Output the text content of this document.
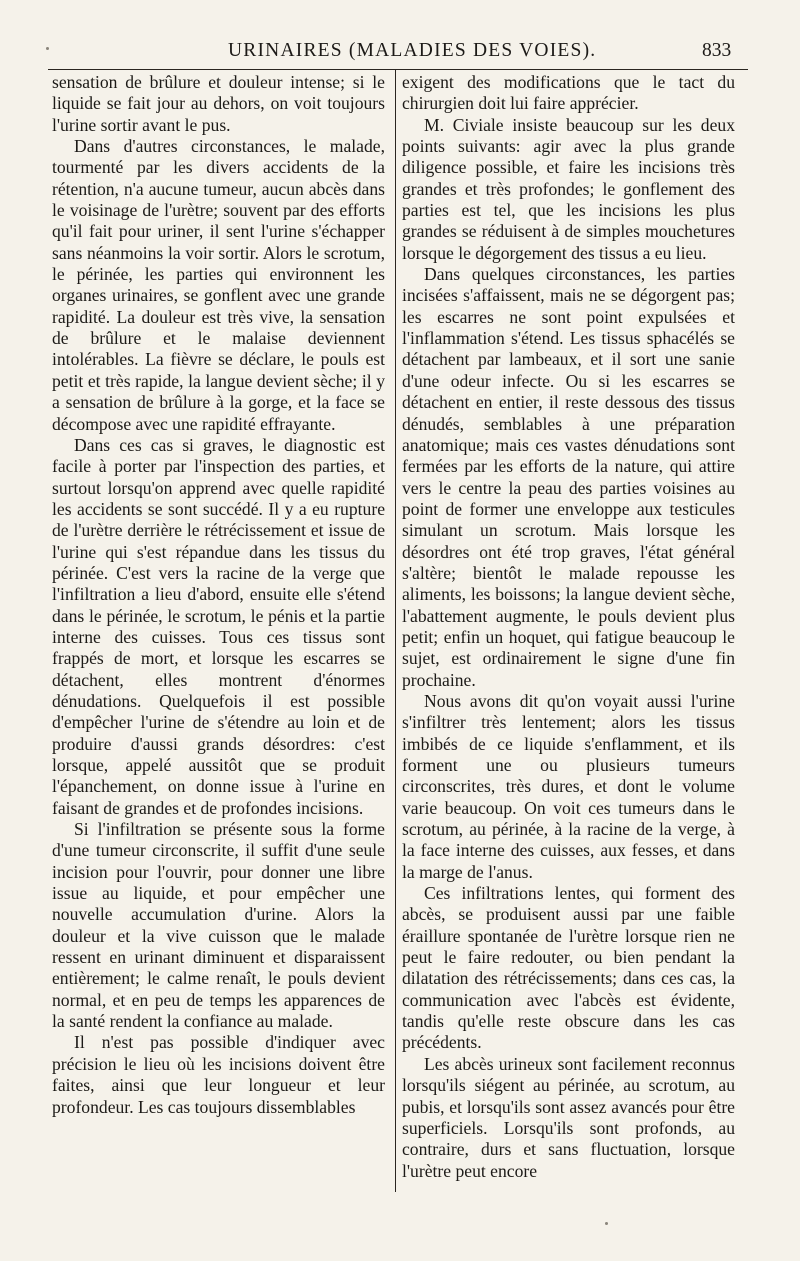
URINAIRES (MALADIES DES VOIES).	833

sensation de brûlure et douleur intense; si le liquide se fait jour au dehors, on voit toujours l'urine sortir avant le pus.

Dans d'autres circonstances, le malade, tourmenté par les divers accidents de la rétention, n'a aucune tumeur, aucun abcès dans le voisinage de l'urètre; souvent par des efforts qu'il fait pour uriner, il sent l'urine s'échapper sans néanmoins la voir sortir. Alors le scrotum, le périnée, les parties qui environnent les organes urinaires, se gonflent avec une grande rapidité. La douleur est très vive, la sensation de brûlure et le malaise deviennent intolérables. La fièvre se déclare, le pouls est petit et très rapide, la langue devient sèche; il y a sensation de brûlure à la gorge, et la face se décompose avec une rapidité effrayante.

Dans ces cas si graves, le diagnostic est facile à porter par l'inspection des parties, et surtout lorsqu'on apprend avec quelle rapidité les accidents se sont succédé. Il y a eu rupture de l'urètre derrière le rétrécissement et issue de l'urine qui s'est répandue dans les tissus du périnée. C'est vers la racine de la verge que l'infiltration a lieu d'abord, ensuite elle s'étend dans le périnée, le scrotum, le pénis et la partie interne des cuisses. Tous ces tissus sont frappés de mort, et lorsque les escarres se détachent, elles montrent d'énormes dénudations. Quelquefois il est possible d'empêcher l'urine de s'étendre au loin et de produire d'aussi grands désordres: c'est lorsque, appelé aussitôt que se produit l'épanchement, on donne issue à l'urine en faisant de grandes et de profondes incisions.

Si l'infiltration se présente sous la forme d'une tumeur circonscrite, il suffit d'une seule incision pour l'ouvrir, pour donner une libre issue au liquide, et pour empêcher une nouvelle accumulation d'urine. Alors la douleur et la vive cuisson que le malade ressent en urinant diminuent et disparaissent entièrement; le calme renaît, le pouls devient normal, et en peu de temps les apparences de la santé rendent la confiance au malade.

Il n'est pas possible d'indiquer avec précision le lieu où les incisions doivent être faites, ainsi que leur longueur et leur profondeur. Les cas toujours dissemblables

exigent des modifications que le tact du chirurgien doit lui faire apprécier.

M. Civiale insiste beaucoup sur les deux points suivants: agir avec la plus grande diligence possible, et faire les incisions très grandes et très profondes; le gonflement des parties est tel, que les incisions les plus grandes se réduisent à de simples mouchetures lorsque le dégorgement des tissus a eu lieu.

Dans quelques circonstances, les parties incisées s'affaissent, mais ne se dégorgent pas; les escarres ne sont point expulsées et l'inflammation s'étend. Les tissus sphacélés se détachent par lambeaux, et il sort une sanie d'une odeur infecte. Ou si les escarres se détachent en entier, il reste dessous des tissus dénudés, semblables à une préparation anatomique; mais ces vastes dénudations sont fermées par les efforts de la nature, qui attire vers le centre la peau des parties voisines au point de former une enveloppe aux testicules simulant un scrotum. Mais lorsque les désordres ont été trop graves, l'état général s'altère; bientôt le malade repousse les aliments, les boissons; la langue devient sèche, l'abattement augmente, le pouls devient plus petit; enfin un hoquet, qui fatigue beaucoup le sujet, est ordinairement le signe d'une fin prochaine.

Nous avons dit qu'on voyait aussi l'urine s'infiltrer très lentement; alors les tissus imbibés de ce liquide s'enflamment, et ils forment une ou plusieurs tumeurs circonscrites, très dures, et dont le volume varie beaucoup. On voit ces tumeurs dans le scrotum, au périnée, à la racine de la verge, à la face interne des cuisses, aux fesses, et dans la marge de l'anus.

Ces infiltrations lentes, qui forment des abcès, se produisent aussi par une faible éraillure spontanée de l'urètre lorsque rien ne peut le faire redouter, ou bien pendant la dilatation des rétrécissements; dans ces cas, la communication avec l'abcès est évidente, tandis qu'elle reste obscure dans les cas précédents.

Les abcès urineux sont facilement reconnus lorsqu'ils siégent au périnée, au scrotum, au pubis, et lorsqu'ils sont assez avancés pour être superficiels. Lorsqu'ils sont profonds, au contraire, durs et sans fluctuation, lorsque l'urètre peut encore
